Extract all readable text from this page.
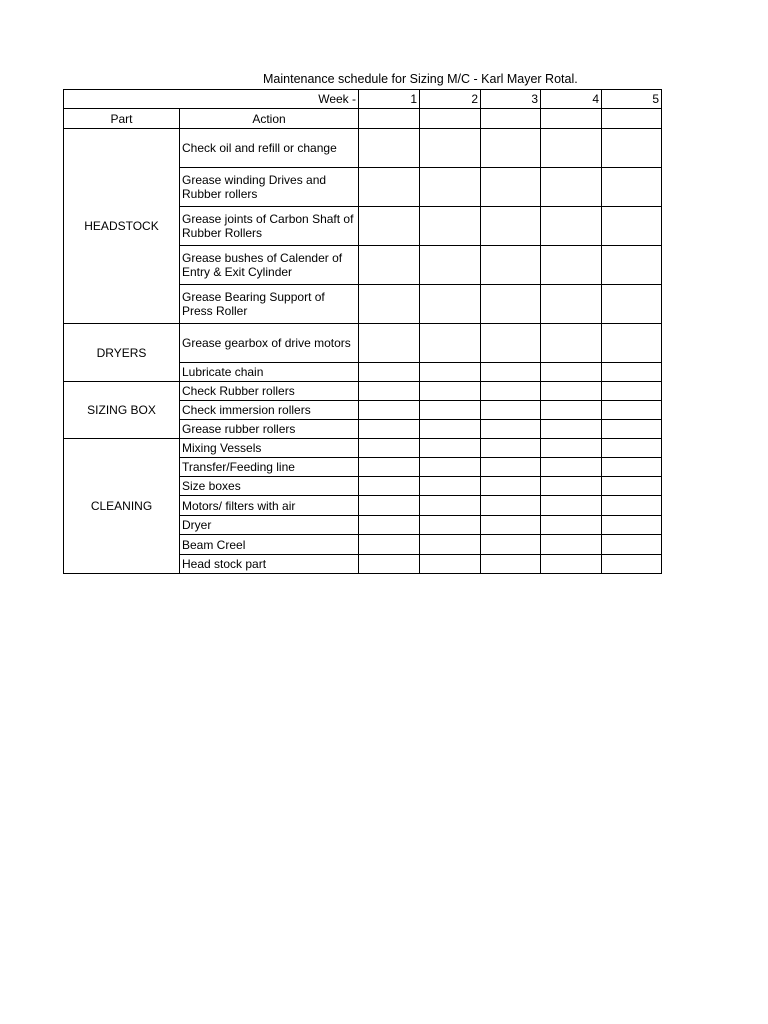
Maintenance schedule for Sizing M/C - Karl Mayer Rotal.
Week -		1	2	3	4	5
Part	Action					
HEADSTOCK	Check oil and refill or change					
	Grease winding Drives and Rubber rollers					
	Grease joints of Carbon Shaft of Rubber Rollers					
	Grease bushes of Calender of Entry & Exit Cylinder					
	Grease Bearing Support of Press Roller					
DRYERS	Grease gearbox of drive motors					
	Lubricate chain					
SIZING BOX	Check Rubber rollers					
	Check immersion rollers					
	Grease rubber rollers					
CLEANING	Mixing Vessels					
	Transfer/Feeding line					
	Size boxes					
	Motors/ filters with air					
	Dryer					
	Beam Creel					
	Head stock part					
